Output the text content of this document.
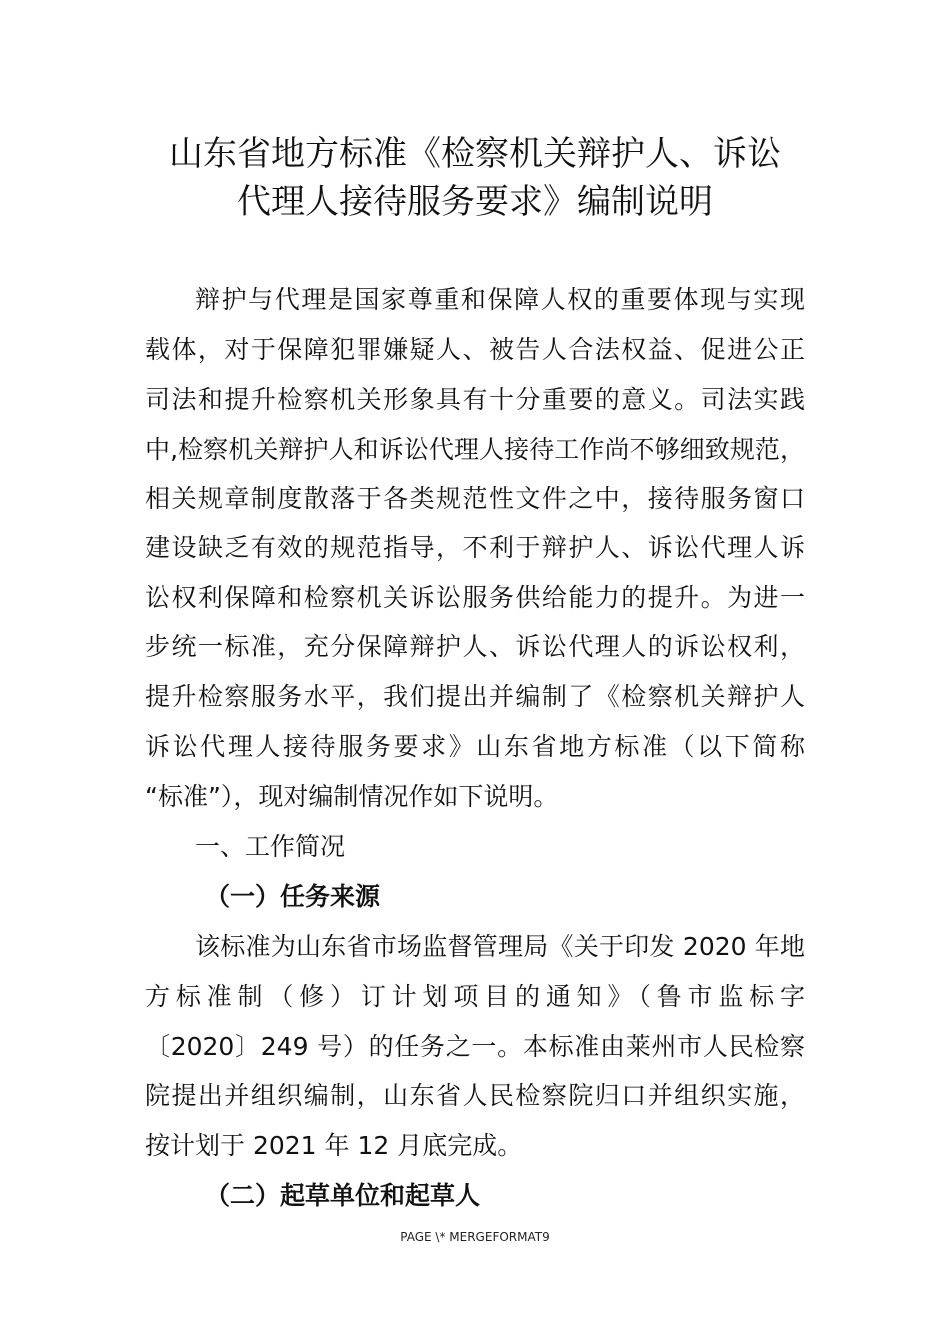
山东省地方标准《检察机关辩护人、诉讼
代理人接待服务要求》编制说明
辩护与代理是国家尊重和保障人权的重要体现与实现
载体，对于保障犯罪嫌疑人、被告人合法权益、促进公正
司法和提升检察机关形象具有十分重要的意义。司法实践
中,检察机关辩护人和诉讼代理人接待工作尚不够细致规范，
相关规章制度散落于各类规范性文件之中，接待服务窗口
建设缺乏有效的规范指导，不利于辩护人、诉讼代理人诉
讼权利保障和检察机关诉讼服务供给能力的提升。为进一
步统一标准，充分保障辩护人、诉讼代理人的诉讼权利，
提升检察服务水平，我们提出并编制了《检察机关辩护人
诉讼代理人接待服务要求》山东省地方标准（以下简称
“标准”），现对编制情况作如下说明。
一、工作简况
（一）任务来源
该标准为山东省市场监督管理局《关于印发 2020 年地
方标准制（修）订计划项目的通知》（鲁市监标字
〔2020〕249 号）的任务之一。本标准由莱州市人民检察
院提出并组织编制，山东省人民检察院归口并组织实施，
按计划于 2021 年 12 月底完成。
（二）起草单位和起草人
PAGE \* MERGEFORMAT9
